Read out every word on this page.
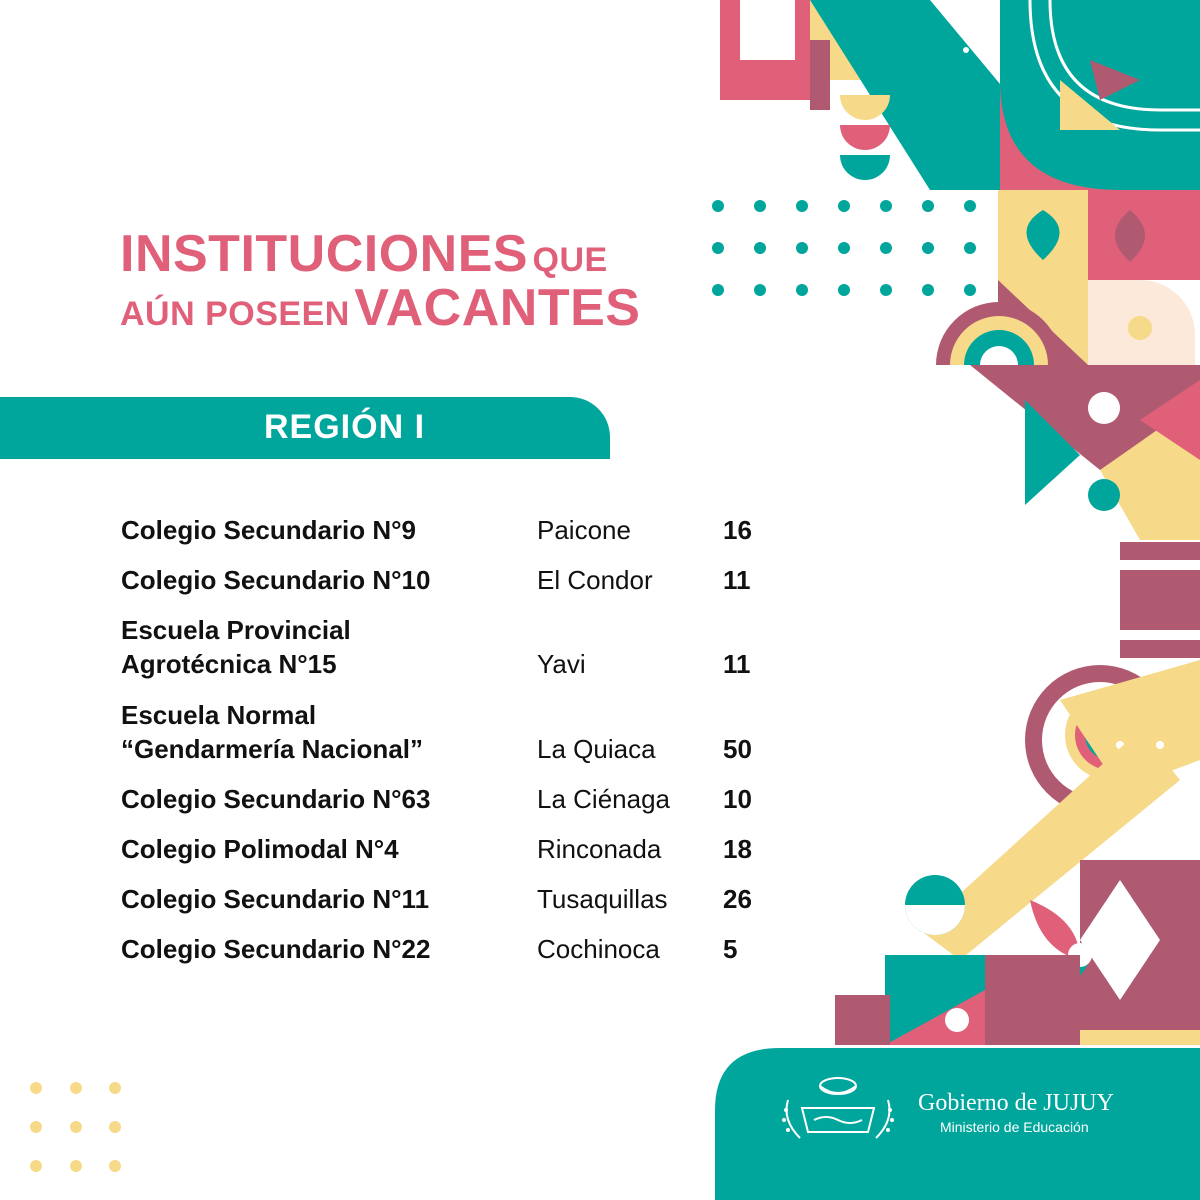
INSTITUCIONES QUE
AÚN POSEEN VACANTES
REGIÓN I
Colegio Secundario N°9	Paicone	16
Colegio Secundario N°10	El Condor	11
Escuela Provincial
Agrotécnica N°15	Yavi	11
Escuela Normal
“Gendarmería Nacional”	La Quiaca	50
Colegio Secundario N°63	La Ciénaga 10
Colegio Polimodal N°4	Rinconada 18
Colegio Secundario N°11	Tusaquillas 26
Colegio Secundario N°22	Cochinoca 5
Gobierno de JUJUY
Ministerio de Educación
